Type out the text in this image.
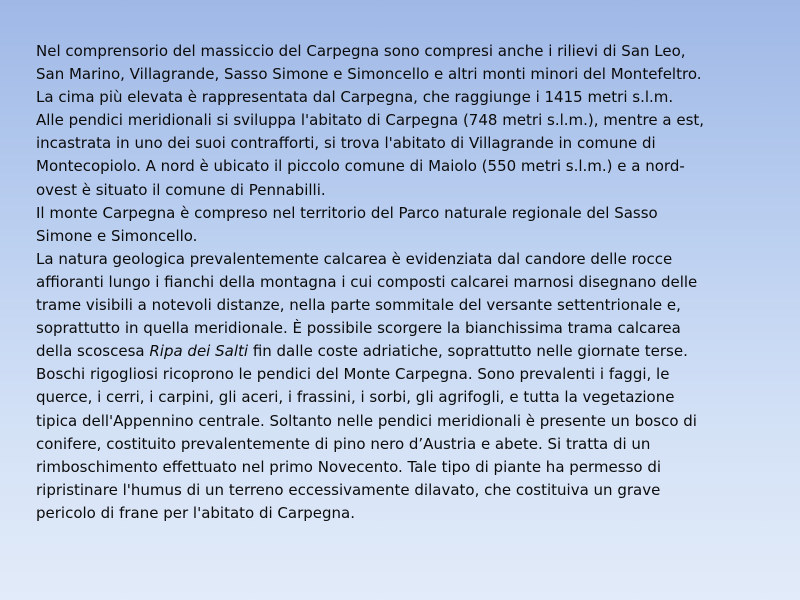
Nel comprensorio del massiccio del Carpegna sono compresi anche i rilievi di San Leo,
San Marino, Villagrande, Sasso Simone e Simoncello e altri monti minori del Montefeltro.
La cima più elevata è rappresentata dal Carpegna, che raggiunge i 1415 metri s.l.m.
Alle pendici meridionali si sviluppa l'abitato di Carpegna (748 metri s.l.m.), mentre a est,
incastrata in uno dei suoi contrafforti, si trova l'abitato di Villagrande in comune di
Montecopiolo. A nord è ubicato il piccolo comune di Maiolo (550 metri s.l.m.) e a nord-
ovest è situato il comune di Pennabilli.
Il monte Carpegna è compreso nel territorio del Parco naturale regionale del Sasso
Simone e Simoncello.
La natura geologica prevalentemente calcarea è evidenziata dal candore delle rocce
affioranti lungo i fianchi della montagna i cui composti calcarei marnosi disegnano delle
trame visibili a notevoli distanze, nella parte sommitale del versante settentrionale e,
soprattutto in quella meridionale. È possibile scorgere la bianchissima trama calcarea
della scoscesa Ripa dei Salti fin dalle coste adriatiche, soprattutto nelle giornate terse.
Boschi rigogliosi ricoprono le pendici del Monte Carpegna. Sono prevalenti i faggi, le
querce, i cerri, i carpini, gli aceri, i frassini, i sorbi, gli agrifogli, e tutta la vegetazione
tipica dell'Appennino centrale. Soltanto nelle pendici meridionali è presente un bosco di
conifere, costituito prevalentemente di pino nero d’Austria e abete. Si tratta di un
rimboschimento effettuato nel primo Novecento. Tale tipo di piante ha permesso di
ripristinare l'humus di un terreno eccessivamente dilavato, che costituiva un grave
pericolo di frane per l'abitato di Carpegna.
